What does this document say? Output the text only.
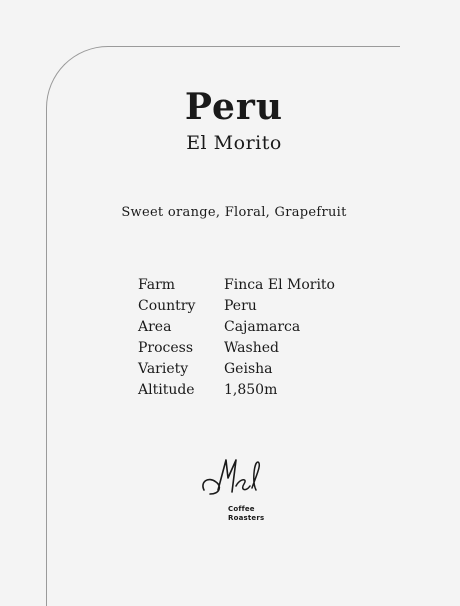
Peru
El Morito
Sweet orange, Floral, Grapefruit
Farm	Finca El Morito
Country	Peru
Area	Cajamarca
Process	Washed
Variety	Geisha
Altitude	1,850m
Coffee
Roasters
